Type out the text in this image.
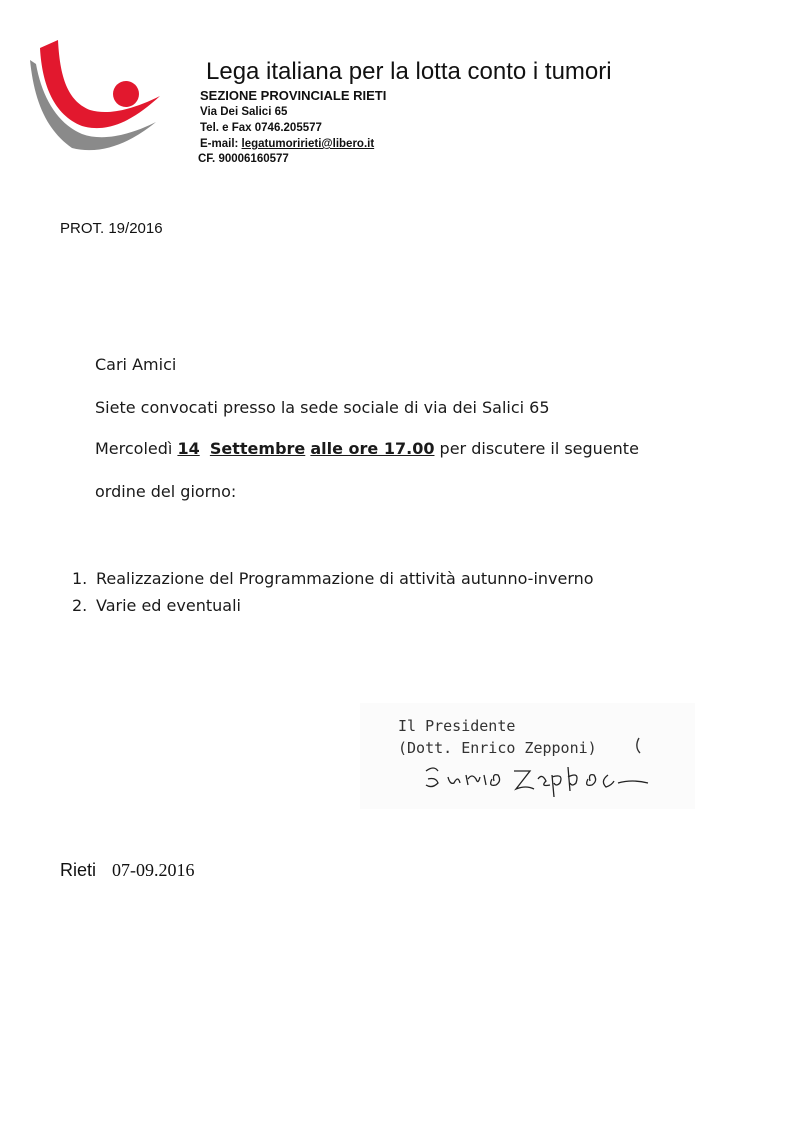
Lega italiana per la lotta conto i tumori
SEZIONE PROVINCIALE RIETI
Via Dei Salici 65
Tel. e Fax 0746.205577
E-mail: legatumoririeti@libero.it
CF. 90006160577
PROT. 19/2016
Cari Amici
Siete convocati presso la sede sociale di via dei Salici 65
Mercoledì 14 Settembre alle ore 17.00 per discutere il seguente
ordine del giorno:
1. Realizzazione del Programmazione di attività autunno-inverno
2. Varie ed eventuali
Il Presidente
(Dott. Enrico Zepponi)
Rieti 07-09.2016
